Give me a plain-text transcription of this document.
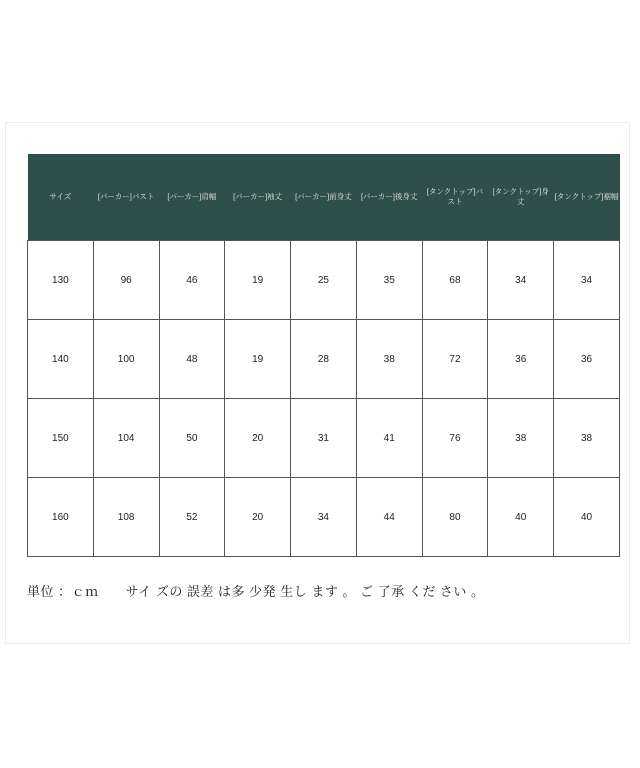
サイズ	[パーカー]バスト	[パーカー]肩幅	[パーカー]袖丈	[パーカー]前身丈	[パーカー]後身丈	[タンクトップ]バスト	[タンクトップ]身丈	[タンクトップ]裾幅
130	96	46	19	25	35	68	34	34
140	100	48	19	28	38	72	36	36
150	104	50	20	31	41	76	38	38
160	108	52	20	34	44	80	40	40

単位 ：ｃｍ　　サイ ズの 誤差 は多 少発 生し ます 。 ご 了承 くだ さい 。
